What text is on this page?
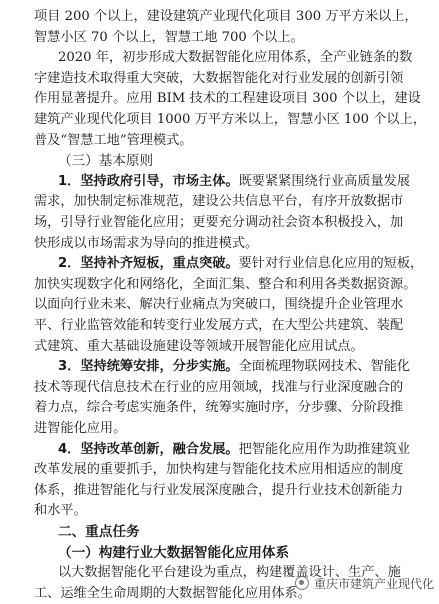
项目 200 个以上，建设建筑产业现代化项目 300 万平方米以上，
智慧小区 70 个以上，智慧工地 700 个以上。
2020 年，初步形成大数据智能化应用体系，全产业链条的数
字建造技术取得重大突破，大数据智能化对行业发展的创新引领
作用显著提升。应用 BIM 技术的工程建设项目 300 个以上，建设
建筑产业现代化项目 1000 万平方米以上，智慧小区 100 个以上，
普及“智慧工地”管理模式。
（三）基本原则
1．坚持政府引导，市场主体。既要紧紧围绕行业高质量发展
需求，加快制定标准规范，建设公共信息平台，有序开放数据市
场，引导行业智能化应用；更要充分调动社会资本积极投入，加
快形成以市场需求为导向的推进模式。
2．坚持补齐短板，重点突破。要针对行业信息化应用的短板，
加快实现数字化和网络化，全面汇集、整合和利用各类数据资源。
以面向行业未来、解决行业痛点为突破口，围绕提升企业管理水
平、行业监管效能和转变行业发展方式，在大型公共建筑、装配
式建筑、重大基础设施建设等领域开展智能化应用试点。
3．坚持统筹安排，分步实施。全面梳理物联网技术、智能化
技术等现代信息技术在行业的应用领域，找准与行业深度融合的
着力点，综合考虑实施条件，统筹实施时序，分步骤、分阶段推
进智能化应用。
4．坚持改革创新，融合发展。把智能化应用作为助推建筑业
改革发展的重要抓手，加快构建与智能化技术应用相适应的制度
体系，推进智能化与行业发展深度融合，提升行业技术创新能力
和水平。
二、重点任务
（一）构建行业大数据智能化应用体系
以大数据智能化平台建设为重点，构建覆盖设计、生产、施
工、运维全生命周期的大数据智能化应用体系。
重庆市建筑产业现代化
